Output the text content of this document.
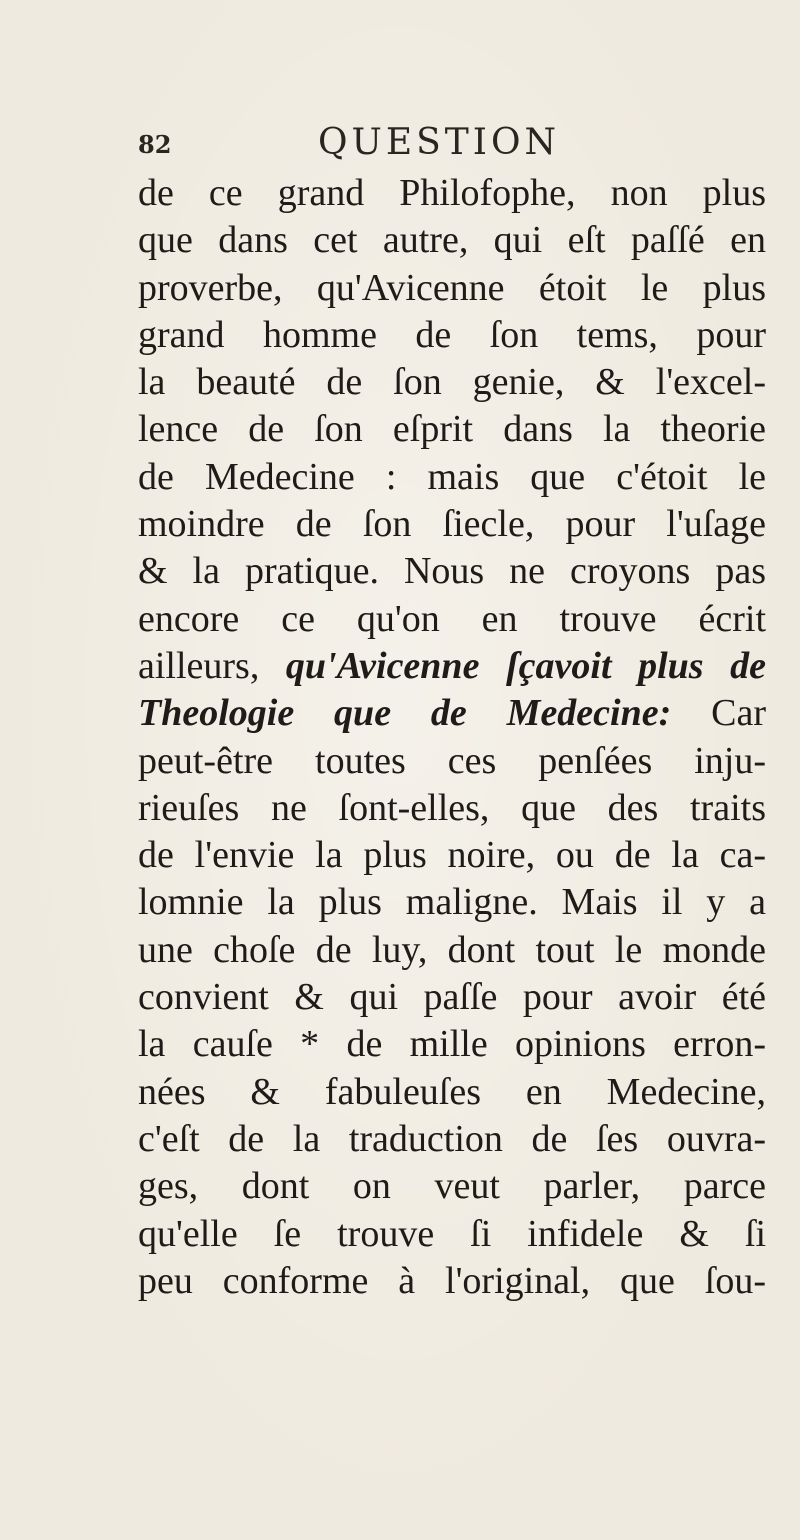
82	QUESTION
de ce grand Philofophe, non plus
que dans cet autre, qui eſt paſſé en
proverbe, qu'Avicenne étoit le plus
grand homme de ſon tems, pour
la beauté de ſon genie, & l'excel-
lence de ſon eſprit dans la theorie
de Medecine : mais que c'étoit le
moindre de ſon ſiecle, pour l'uſage
& la pratique. Nous ne croyons pas
encore ce qu'on en trouve écrit
ailleurs, qu'Avicenne ſçavoit plus de
Theologie que de Medecine: Car
peut-être toutes ces penſées inju-
rieuſes ne ſont-elles, que des traits
de l'envie la plus noire, ou de la ca-
lomnie la plus maligne. Mais il y a
une choſe de luy, dont tout le monde
convient & qui paſſe pour avoir été
la cauſe * de mille opinions erron-
nées & fabuleuſes en Medecine,
c'eſt de la traduction de ſes ouvra-
ges, dont on veut parler, parce
qu'elle ſe trouve ſi infidele & ſi
peu conforme à l'original, que ſou-
